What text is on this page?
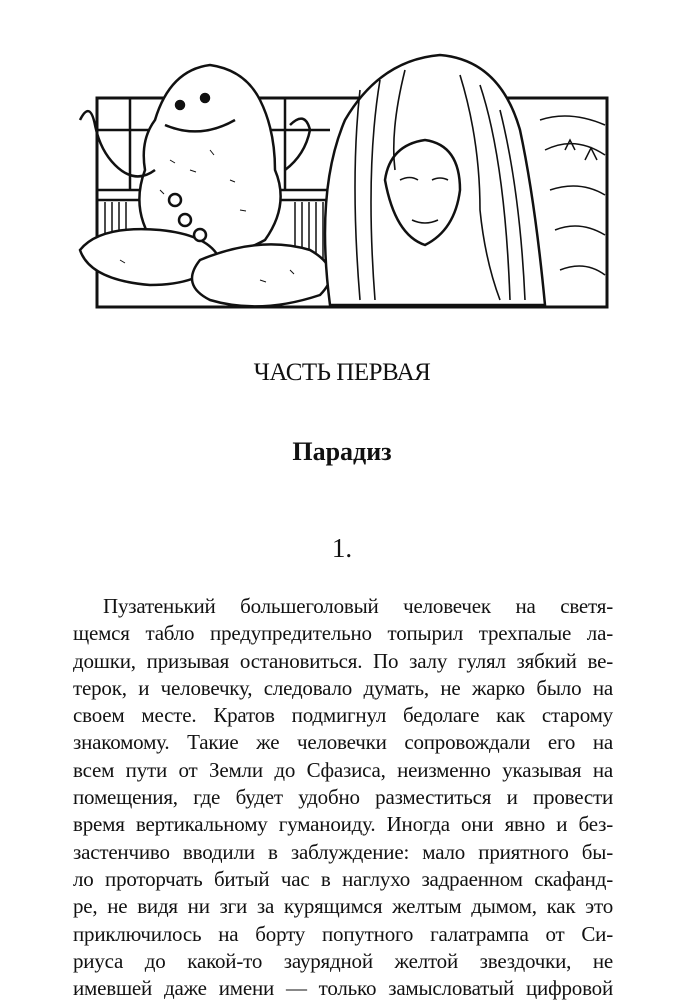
ЧАСТЬ ПЕРВАЯ
Парадиз
1.
Пузатенький большеголовый человечек на светя-
щемся табло предупредительно топырил трехпалые ла-
дошки, призывая остановиться. По залу гулял зябкий ве-
терок, и человечку, следовало думать, не жарко было на
своем месте. Кратов подмигнул бедолаге как старому
знакомому. Такие же человечки сопровождали его на
всем пути от Земли до Сфазиса, неизменно указывая на
помещения, где будет удобно разместиться и провести
время вертикальному гуманоиду. Иногда они явно и без-
застенчиво вводили в заблуждение: мало приятного бы-
ло проторчать битый час в наглухо задраенном скафанд-
ре, не видя ни зги за курящимся желтым дымом, как это
приключилось на борту попутного галатрампа от Си-
риуса до какой-то заурядной желтой звездочки, не
имевшей даже имени — только замысловатый цифровой
